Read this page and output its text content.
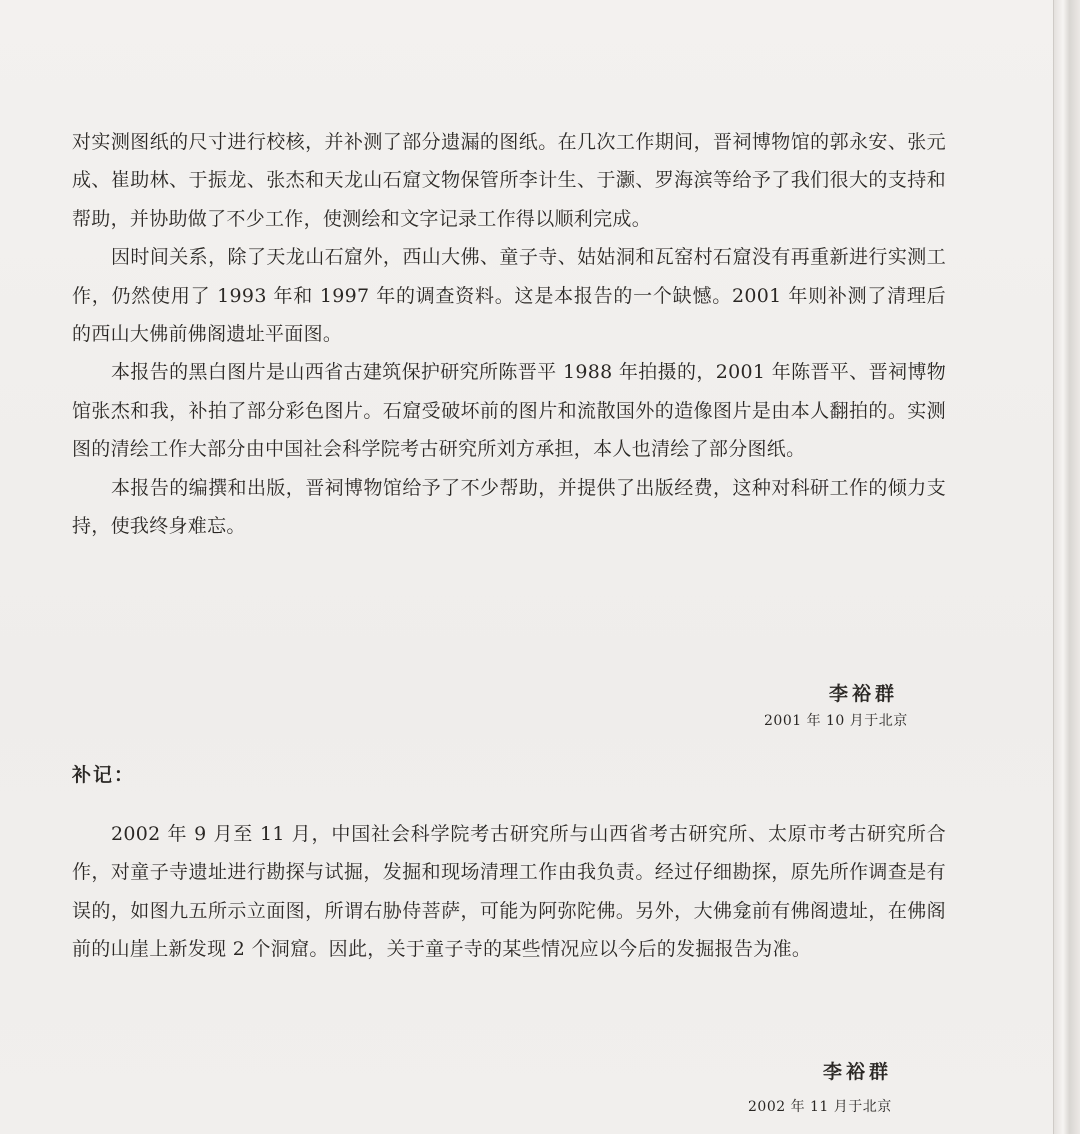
对实测图纸的尺寸进行校核，并补测了部分遗漏的图纸。在几次工作期间，晋祠博物馆的郭永安、张元成、崔助林、于振龙、张杰和天龙山石窟文物保管所李计生、于灏、罗海滨等给予了我们很大的支持和帮助，并协助做了不少工作，使测绘和文字记录工作得以顺利完成。

因时间关系，除了天龙山石窟外，西山大佛、童子寺、姑姑洞和瓦窑村石窟没有再重新进行实测工作，仍然使用了 1993 年和 1997 年的调查资料。这是本报告的一个缺憾。2001 年则补测了清理后的西山大佛前佛阁遗址平面图。

本报告的黑白图片是山西省古建筑保护研究所陈晋平 1988 年拍摄的，2001 年陈晋平、晋祠博物馆张杰和我，补拍了部分彩色图片。石窟受破坏前的图片和流散国外的造像图片是由本人翻拍的。实测图的清绘工作大部分由中国社会科学院考古研究所刘方承担，本人也清绘了部分图纸。

本报告的编撰和出版，晋祠博物馆给予了不少帮助，并提供了出版经费，这种对科研工作的倾力支持，使我终身难忘。

李裕群
2001 年 10 月于北京
补记：

2002 年 9 月至 11 月，中国社会科学院考古研究所与山西省考古研究所、太原市考古研究所合作，对童子寺遗址进行勘探与试掘，发掘和现场清理工作由我负责。经过仔细勘探，原先所作调查是有误的，如图九五所示立面图，所谓右胁侍菩萨，可能为阿弥陀佛。另外，大佛龛前有佛阁遗址，在佛阁前的山崖上新发现 2 个洞窟。因此，关于童子寺的某些情况应以今后的发掘报告为准。

李裕群
2002 年 11 月于北京
